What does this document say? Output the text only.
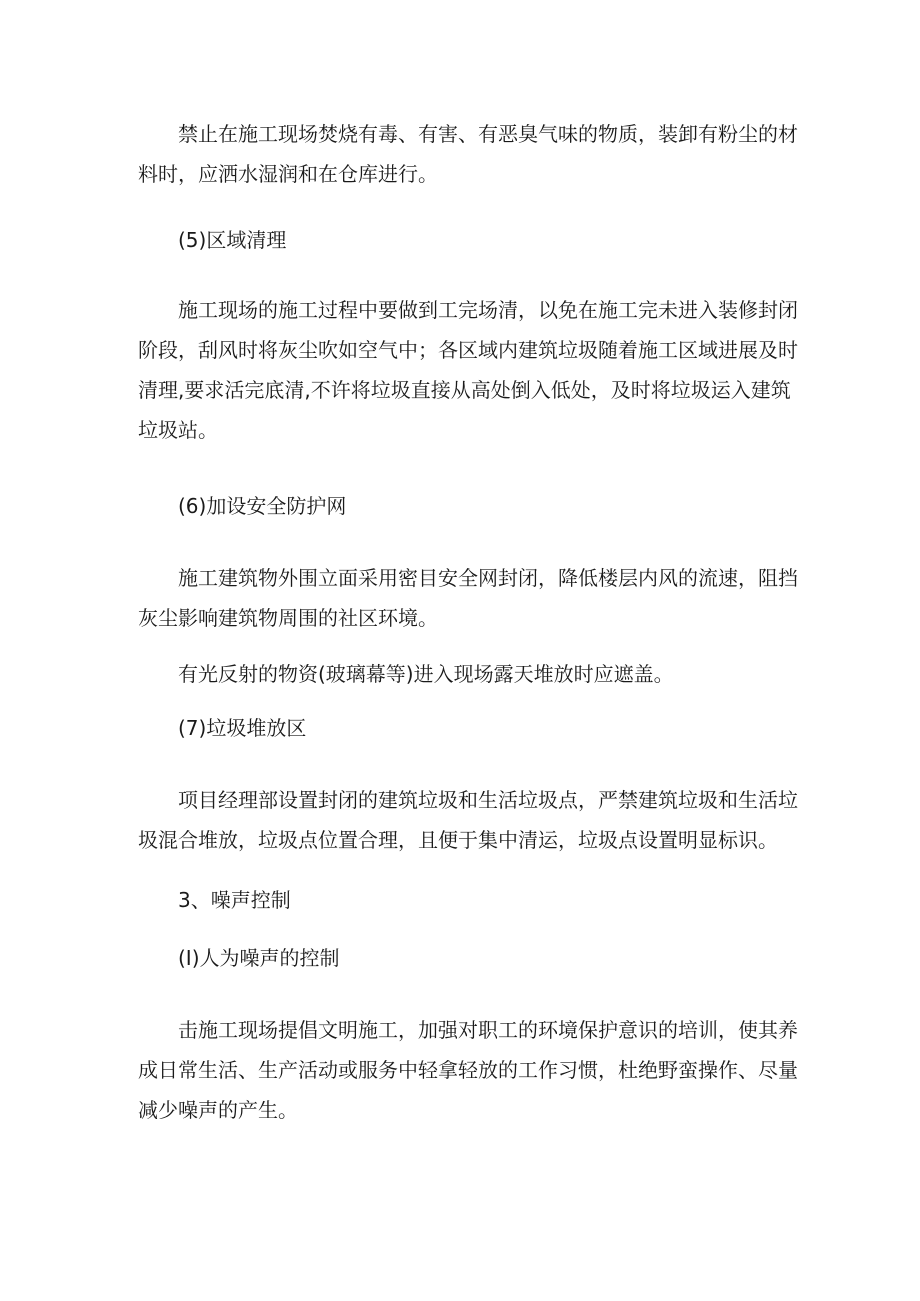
禁止在施工现场焚烧有毒、有害、有恶臭气味的物质，装卸有粉尘的材料时，应洒水湿润和在仓库进行。

(5)区域清理

施工现场的施工过程中要做到工完场清，以免在施工完未进入装修封闭阶段，刮风时将灰尘吹如空气中；各区域内建筑垃圾随着施工区域进展及时清理,要求活完底清,不许将垃圾直接从高处倒入低处，及时将垃圾运入建筑垃圾站。

(6)加设安全防护网

施工建筑物外围立面采用密目安全网封闭，降低楼层内风的流速，阻挡灰尘影响建筑物周围的社区环境。

有光反射的物资(玻璃幕等)进入现场露天堆放时应遮盖。

(7)垃圾堆放区

项目经理部设置封闭的建筑垃圾和生活垃圾点，严禁建筑垃圾和生活垃圾混合堆放，垃圾点位置合理，且便于集中清运，垃圾点设置明显标识。

3、噪声控制

(I)人为噪声的控制

击施工现场提倡文明施工，加强对职工的环境保护意识的培训，使其养成日常生活、生产活动或服务中轻拿轻放的工作习惯，杜绝野蛮操作、尽量减少噪声的产生。
